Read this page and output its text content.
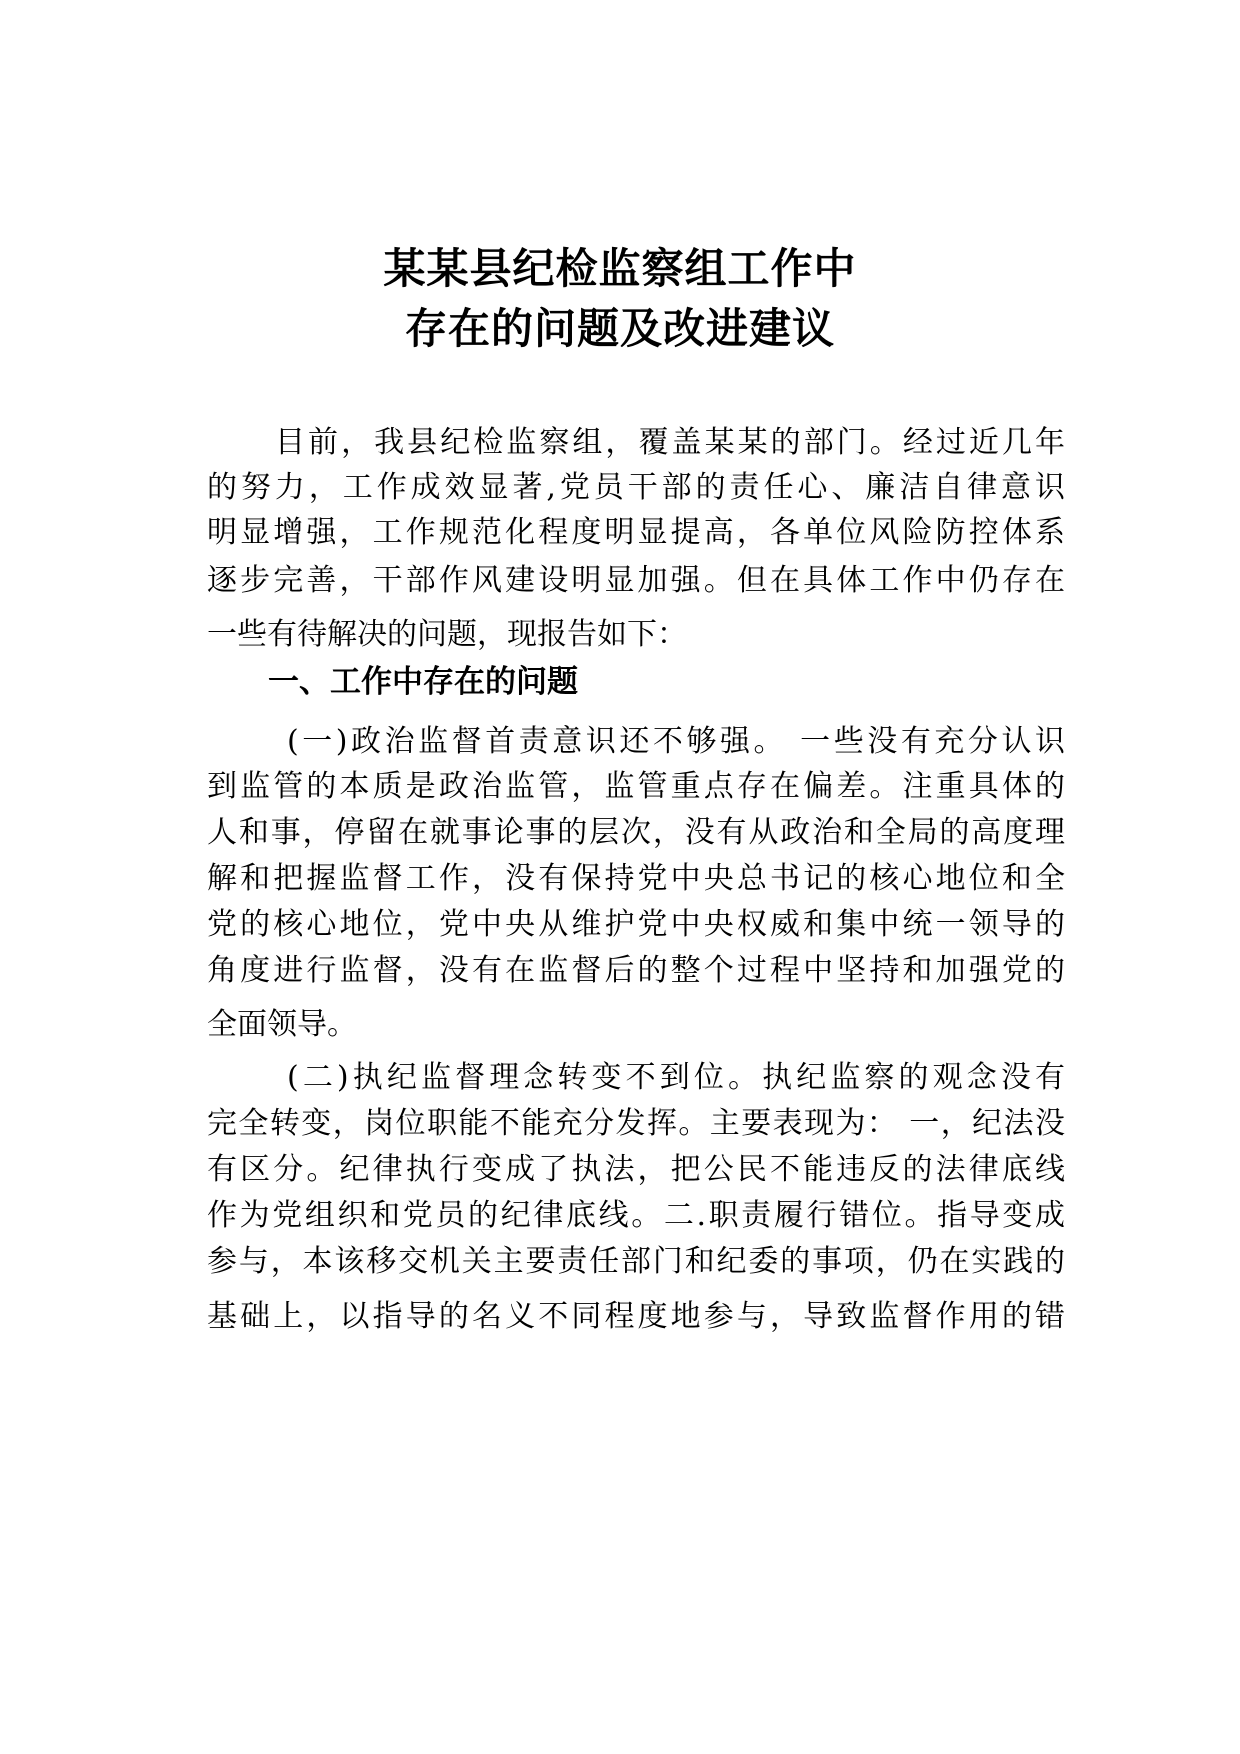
某某县纪检监察组工作中
存在的问题及改进建议
目前，我县纪检监察组，覆盖某某的部门。经过近几年
的努力，工作成效显著,党员干部的责任心、廉洁自律意识
明显增强，工作规范化程度明显提高，各单位风险防控体系
逐步完善，干部作风建设明显加强。但在具体工作中仍存在
一些有待解决的问题，现报告如下：
一、工作中存在的问题
(一)政治监督首责意识还不够强。 一些没有充分认识
到监管的本质是政治监管，监管重点存在偏差。注重具体的
人和事，停留在就事论事的层次，没有从政治和全局的高度理
解和把握监督工作，没有保持党中央总书记的核心地位和全
党的核心地位，党中央从维护党中央权威和集中统一领导的
角度进行监督，没有在监督后的整个过程中坚持和加强党的
全面领导。
(二)执纪监督理念转变不到位。执纪监察的观念没有
完全转变，岗位职能不能充分发挥。主要表现为： 一，纪法没
有区分。纪律执行变成了执法，把公民不能违反的法律底线
作为党组织和党员的纪律底线。二.职责履行错位。指导变成
参与，本该移交机关主要责任部门和纪委的事项，仍在实践的
基础上，以指导的名义不同程度地参与，导致监督作用的错
